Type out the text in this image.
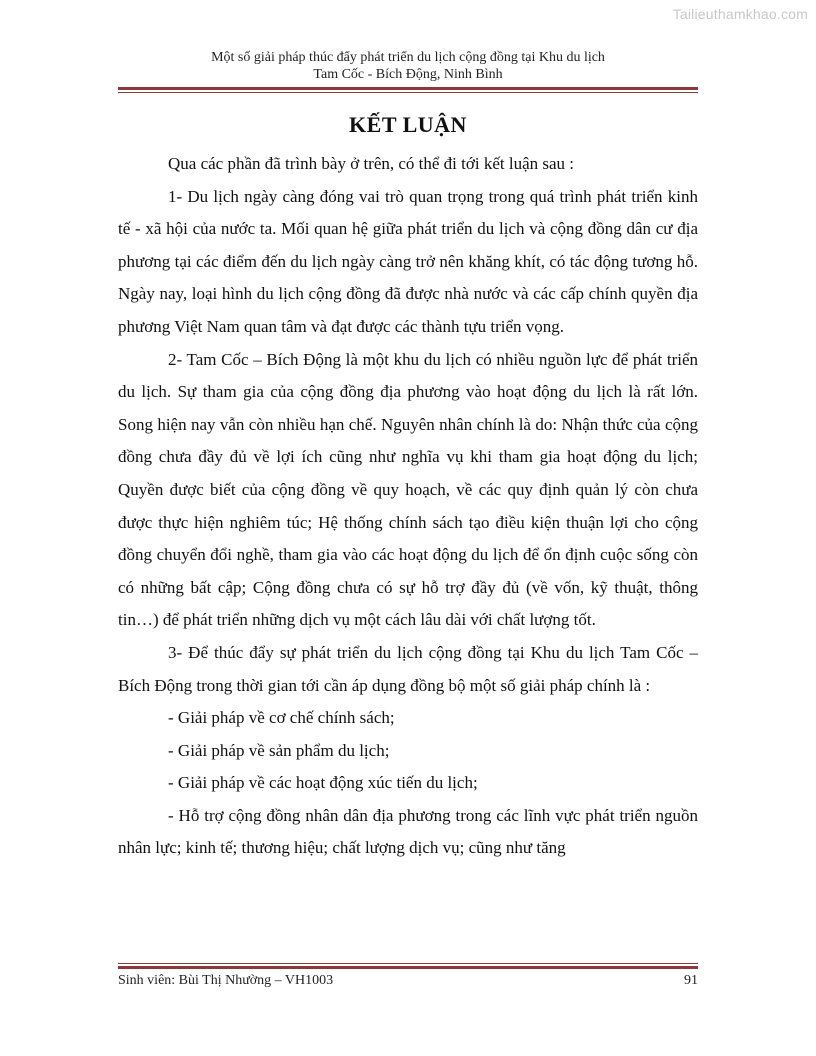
Tailieuthamkhao.com
Một số giải pháp thúc đẩy phát triển du lịch cộng đồng tại Khu du lịch
Tam Cốc - Bích Động, Ninh Bình
KẾT LUẬN

Qua các phần đã trình bày ở trên, có thể đi tới kết luận sau :

1- Du lịch ngày càng đóng vai trò quan trọng trong quá trình phát triển kinh tế - xã hội của nước ta. Mối quan hệ giữa phát triển du lịch và cộng đồng dân cư địa phương tại các điểm đến du lịch ngày càng trở nên khăng khít, có tác động tương hỗ. Ngày nay, loại hình du lịch cộng đồng đã được nhà nước và các cấp chính quyền địa phương Việt Nam quan tâm và đạt được các thành tựu triển vọng.

2- Tam Cốc – Bích Động là một khu du lịch có nhiều nguồn lực để phát triển du lịch. Sự tham gia của cộng đồng địa phương vào hoạt động du lịch là rất lớn. Song hiện nay vẫn còn nhiều hạn chế. Nguyên nhân chính là do: Nhận thức của cộng đồng chưa đầy đủ về lợi ích cũng như nghĩa vụ khi tham gia hoạt động du lịch; Quyền được biết của cộng đồng về quy hoạch, về các quy định quản lý còn chưa được thực hiện nghiêm túc; Hệ thống chính sách tạo điều kiện thuận lợi cho cộng đồng chuyển đổi nghề, tham gia vào các hoạt động du lịch để ổn định cuộc sống còn có những bất cập; Cộng đồng chưa có sự hỗ trợ đầy đủ (về vốn, kỹ thuật, thông tin…) để phát triển những dịch vụ một cách lâu dài với chất lượng tốt.

3- Để thúc đẩy sự phát triển du lịch cộng đồng tại Khu du lịch Tam Cốc – Bích Động trong thời gian tới cần áp dụng đồng bộ một số giải pháp chính là :

- Giải pháp về cơ chế chính sách;

- Giải pháp về sản phẩm du lịch;

- Giải pháp về các hoạt động xúc tiến du lịch;

- Hỗ trợ cộng đồng nhân dân địa phương trong các lĩnh vực phát triển nguồn nhân lực; kinh tế; thương hiệu; chất lượng dịch vụ; cũng như tăng

Sinh viên: Bùi Thị Nhường – VH1003	91
